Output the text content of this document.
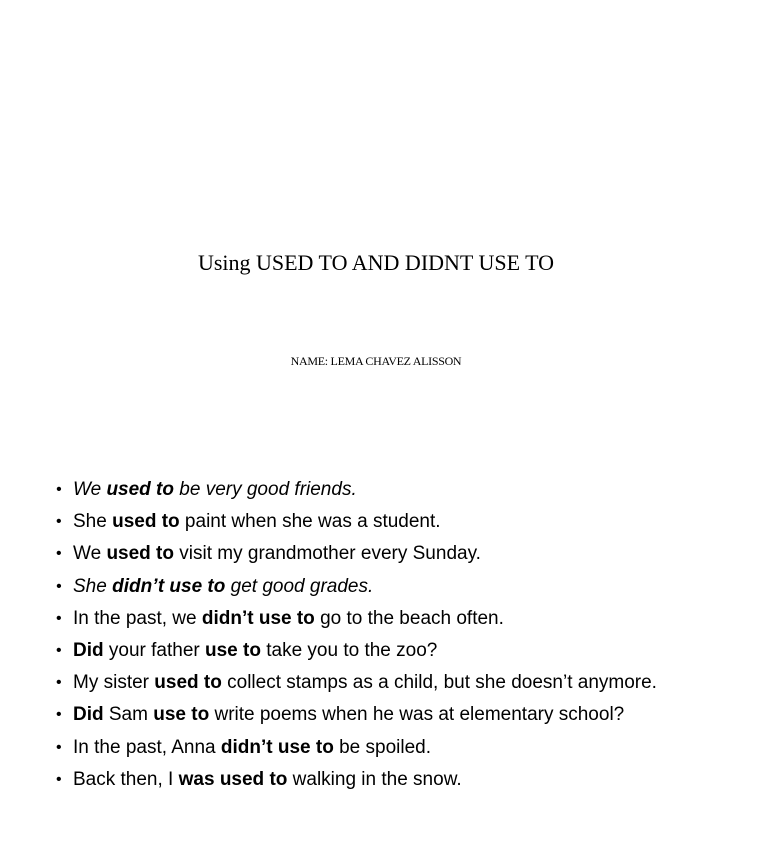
Using USED TO AND DIDNT USE TO
NAME: LEMA CHAVEZ ALISSON
• We used to be very good friends.
• She used to paint when she was a student.
• We used to visit my grandmother every Sunday.
• She didn’t use to get good grades.
• In the past, we didn’t use to go to the beach often.
• Did your father use to take you to the zoo?
• My sister used to collect stamps as a child, but she doesn’t anymore.
• Did Sam use to write poems when he was at elementary school?
• In the past, Anna didn’t use to be spoiled.
• Back then, I was used to walking in the snow.
